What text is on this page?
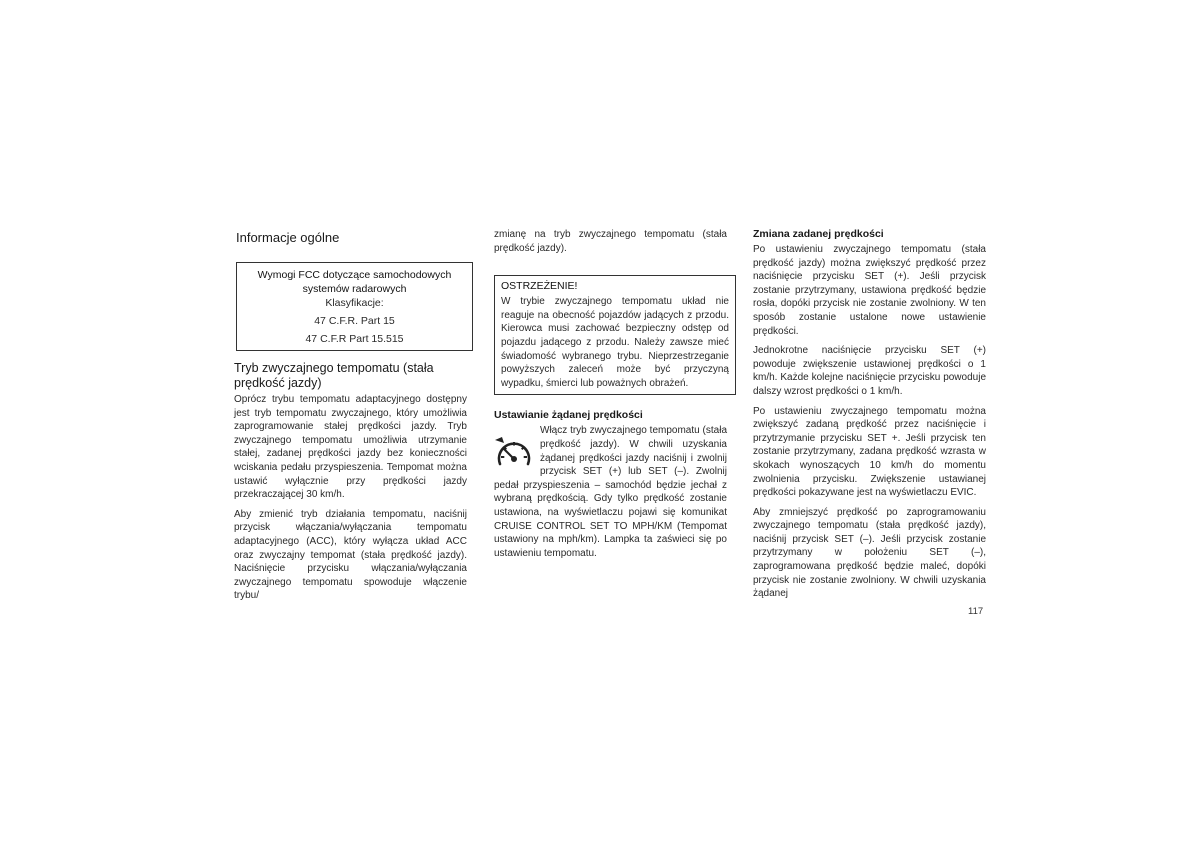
Informacje ogólne
Wymogi FCC dotyczące samochodowych systemów radarowych
Klasyfikacje:
47 C.F.R. Part 15
47 C.F.R Part 15.515
Tryb zwyczajnego tempomatu (stała prędkość jazdy)

Oprócz trybu tempomatu adaptacyjnego dostępny jest tryb tempomatu zwyczajnego, który umożliwia zaprogramowanie stałej prędkości jazdy. Tryb zwyczajnego tempomatu umożliwia utrzymanie stałej, zadanej prędkości jazdy bez konieczności wciskania pedału przyspieszenia. Tempomat można ustawić wyłącznie przy prędkości jazdy przekraczającej 30 km/h.

Aby zmienić tryb działania tempomatu, naciśnij przycisk włączania/wyłączania tempomatu adaptacyjnego (ACC), który wyłącza układ ACC oraz zwyczajny tempomat (stała prędkość jazdy). Naciśnięcie przycisku włączania/wyłączania zwyczajnego tempomatu spowoduje włączenie trybu/

zmianę na tryb zwyczajnego tempomatu (stała prędkość jazdy).

OSTRZEŻENIE!

W trybie zwyczajnego tempomatu układ nie reaguje na obecność pojazdów jadących z przodu. Kierowca musi zachować bezpieczny odstęp od pojazdu jadącego z przodu. Należy zawsze mieć świadomość wybranego trybu. Nieprzestrzeganie powyższych zaleceń może być przyczyną wypadku, śmierci lub poważnych obrażeń.

Ustawianie żądanej prędkości

Włącz tryb zwyczajnego tempomatu (stała prędkość jazdy). W chwili uzyskania żądanej prędkości jazdy naciśnij i zwolnij przycisk SET (+) lub SET (–). Zwolnij pedał przyspieszenia – samochód będzie jechał z wybraną prędkością. Gdy tylko prędkość zostanie ustawiona, na wyświetlaczu pojawi się komunikat CRUISE CONTROL SET TO MPH/KM (Tempomat ustawiony na mph/km). Lampka ta zaświeci się po ustawieniu tempomatu.

Zmiana zadanej prędkości

Po ustawieniu zwyczajnego tempomatu (stała prędkość jazdy) można zwiększyć prędkość przez naciśnięcie przycisku SET (+). Jeśli przycisk zostanie przytrzymany, ustawiona prędkość będzie rosła, dopóki przycisk nie zostanie zwolniony. W ten sposób zostanie ustalone nowe ustawienie prędkości.

Jednokrotne naciśnięcie przycisku SET (+) powoduje zwiększenie ustawionej prędkości o 1 km/h. Każde kolejne naciśnięcie przycisku powoduje dalszy wzrost prędkości o 1 km/h.

Po ustawieniu zwyczajnego tempomatu można zwiększyć zadaną prędkość przez naciśnięcie i przytrzymanie przycisku SET +. Jeśli przycisk ten zostanie przytrzymany, zadana prędkość wzrasta w skokach wynoszących 10 km/h do momentu zwolnienia przycisku. Zwiększenie ustawianej prędkości pokazywane jest na wyświetlaczu EVIC.

Aby zmniejszyć prędkość po zaprogramowaniu zwyczajnego tempomatu (stała prędkość jazdy), naciśnij przycisk SET (–). Jeśli przycisk zostanie przytrzymany w położeniu SET (–), zaprogramowana prędkość będzie maleć, dopóki przycisk nie zostanie zwolniony. W chwili uzyskania żądanej

117
